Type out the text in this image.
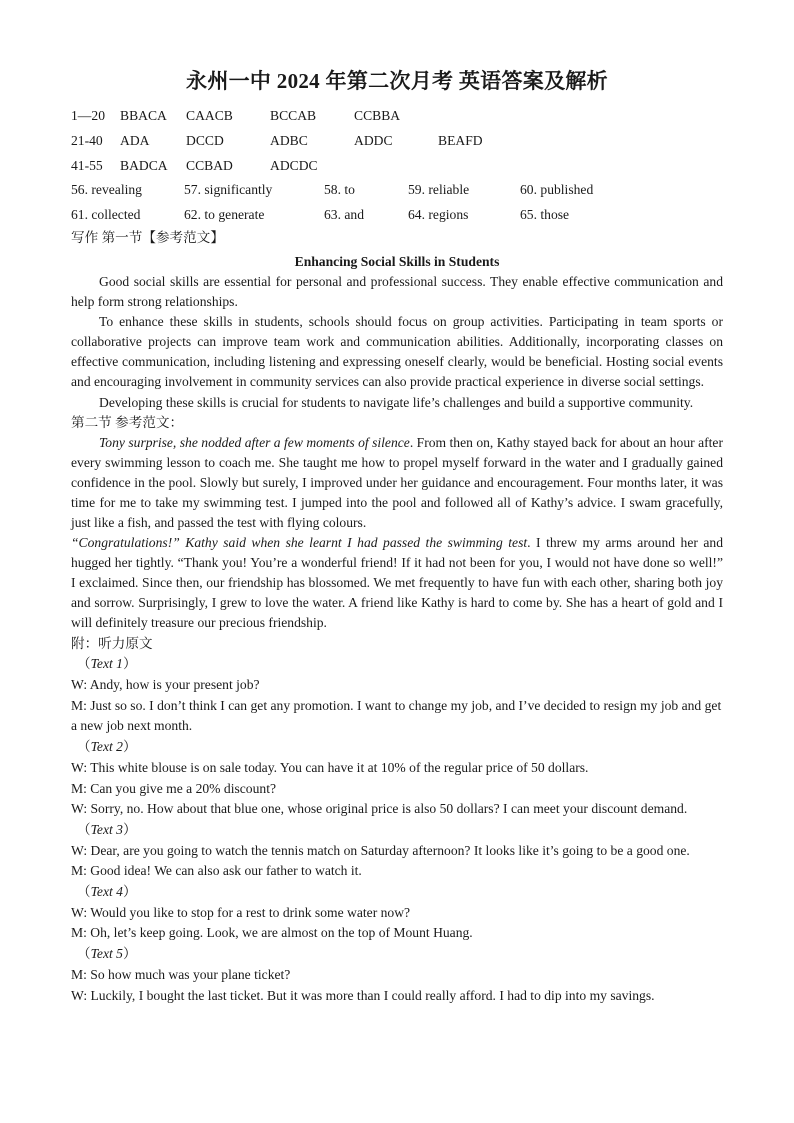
永州一中 2024 年第二次月考 英语答案及解析
1—20	BBACA	CAACB	BCCAB	CCBBA
21-40	ADA	DCCD	ADBC	ADDC	BEAFD
41-55	BADCA	CCBAD	ADCDC
56. revealing	57. significantly	58. to	59. reliable	60. published
61. collected	62. to generate	63. and	64. regions	65. those

写作 第一节【参考范文】

Enhancing Social Skills in Students

Good social skills are essential for personal and professional success. They enable effective communication and help form strong relationships.

To enhance these skills in students, schools should focus on group activities. Participating in team sports or collaborative projects can improve team work and communication abilities. Additionally, incorporating classes on effective communication, including listening and expressing oneself clearly, would be beneficial. Hosting social events and encouraging involvement in community services can also provide practical experience in diverse social settings.

Developing these skills is crucial for students to navigate life’s challenges and build a supportive community.

第二节 参考范文：

Tony surprise, she nodded after a few moments of silence. From then on, Kathy stayed back for about an hour after every swimming lesson to coach me. She taught me how to propel myself forward in the water and I gradually gained confidence in the pool. Slowly but surely, I improved under her guidance and encouragement. Four months later, it was time for me to take my swimming test. I jumped into the pool and followed all of Kathy’s advice. I swam gracefully, just like a fish, and passed the test with flying colours.

“Congratulations!” Kathy said when she learnt I had passed the swimming test. I threw my arms around her and hugged her tightly. “Thank you! You’re a wonderful friend! If it had not been for you, I would not have done so well!” I exclaimed. Since then, our friendship has blossomed. We met frequently to have fun with each other, sharing both joy and sorrow. Surprisingly, I grew to love the water. A friend like Kathy is hard to come by. She has a heart of gold and I will definitely treasure our precious friendship.

附：听力原文

（Text 1）

W: Andy, how is your present job?

M: Just so so. I don’t think I can get any promotion. I want to change my job, and I’ve decided to resign my job and get a new job next month.

（Text 2）

W: This white blouse is on sale today. You can have it at 10% of the regular price of 50 dollars.

M: Can you give me a 20% discount?

W: Sorry, no. How about that blue one, whose original price is also 50 dollars? I can meet your discount demand.

（Text 3）

W: Dear, are you going to watch the tennis match on Saturday afternoon? It looks like it’s going to be a good one.

M: Good idea! We can also ask our father to watch it.

（Text 4）

W: Would you like to stop for a rest to drink some water now?

M: Oh, let’s keep going. Look, we are almost on the top of Mount Huang.

（Text 5）

M: So how much was your plane ticket?

W: Luckily, I bought the last ticket. But it was more than I could really afford. I had to dip into my savings.
